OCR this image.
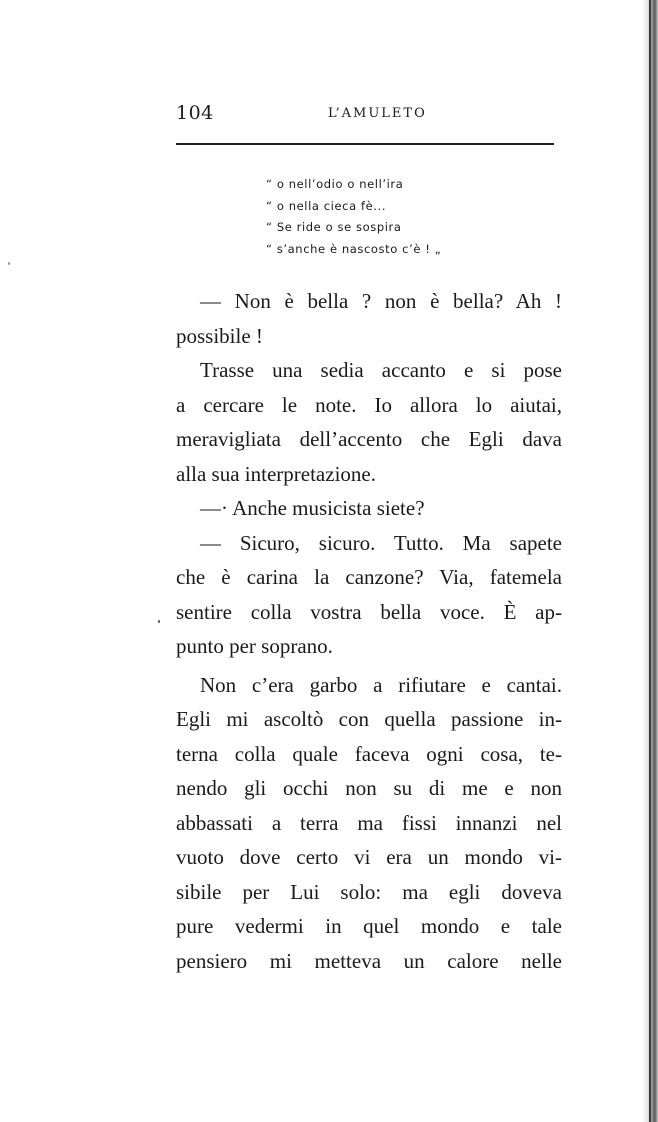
104	L’AMULETO
“ o nell’odio o nell’ira
“ o nella cieca fè...
“ Se ride o se sospira
“ s’anche è nascosto c’è ! „
— Non è bella ? non è bella? Ah !
possibile !
Trasse una sedia accanto e si pose
a cercare le note. Io allora lo aiutai,
meravigliata dell’accento che Egli dava
alla sua interpretazione.
—· Anche musicista siete?
— Sicuro, sicuro. Tutto. Ma sapete
che è carina la canzone? Via, fatemela
sentire colla vostra bella voce. È ap-
punto per soprano.
Non c’era garbo a rifiutare e cantai.
Egli mi ascoltò con quella passione in-
terna colla quale faceva ogni cosa, te-
nendo gli occhi non su di me e non
abbassati a terra ma fissi innanzi nel
vuoto dove certo vi era un mondo vi-
sibile per Lui solo: ma egli doveva
pure vedermi in quel mondo e tale
pensiero mi metteva un calore nelle
